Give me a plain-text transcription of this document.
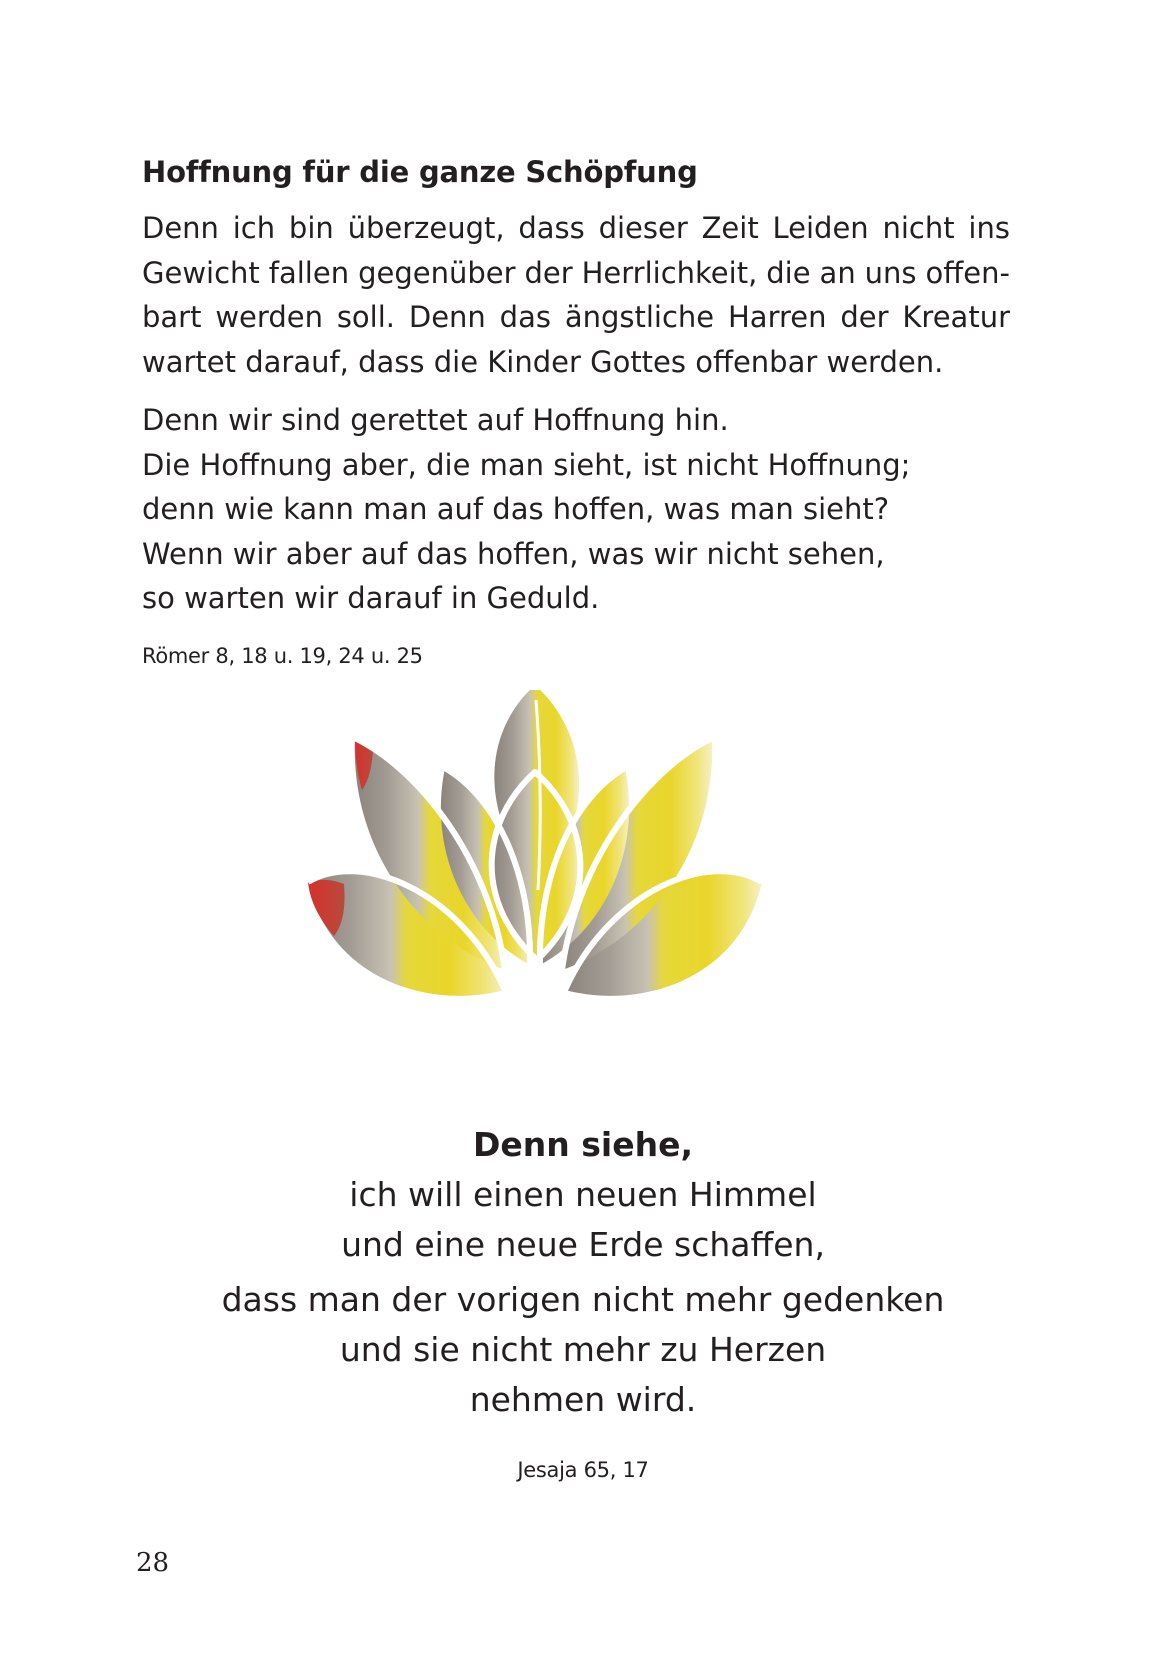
Hoffnung für die ganze Schöpfung

Denn ich bin überzeugt, dass dieser Zeit Leiden nicht ins
Gewicht fallen gegenüber der Herrlichkeit, die an uns offen-
bart werden soll. Denn das ängstliche Harren der Kreatur
wartet darauf, dass die Kinder Gottes offenbar werden.

Denn wir sind gerettet auf Hoffnung hin.
Die Hoffnung aber, die man sieht, ist nicht Hoffnung;
denn wie kann man auf das hoffen, was man sieht?
Wenn wir aber auf das hoffen, was wir nicht sehen,
so warten wir darauf in Geduld.

Römer 8, 18 u. 19, 24 u. 25
Denn siehe,
ich will einen neuen Himmel
und eine neue Erde schaffen,
dass man der vorigen nicht mehr gedenken
und sie nicht mehr zu Herzen
nehmen wird.
Jesaja 65, 17
28
